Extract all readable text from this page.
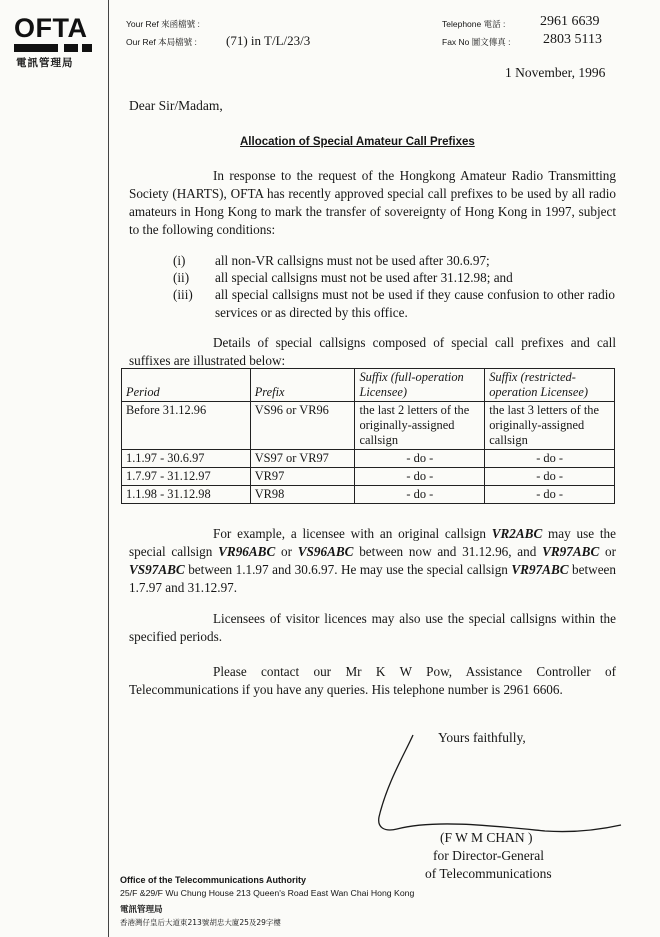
OFTA
電訊管理局
Your Ref 來函檔號 :
Our Ref 本局檔號 : (71) in T/L/23/3
Telephone 電話 : 2961 6639
Fax No 圖文傳真 : 2803 5113
1 November, 1996
Dear Sir/Madam,
Allocation of Special Amateur Call Prefixes
In response to the request of the Hongkong Amateur Radio Transmitting Society (HARTS), OFTA has recently approved special call prefixes to be used by all radio amateurs in Hong Kong to mark the transfer of sovereignty of Hong Kong in 1997, subject to the following conditions:
(i) all non-VR callsigns must not be used after 30.6.97;
(ii) all special callsigns must not be used after 31.12.98; and
(iii) all special callsigns must not be used if they cause confusion to other radio services or as directed by this office.
Details of special callsigns composed of special call prefixes and call suffixes are illustrated below:
Period	Prefix	Suffix (full-operation Licensee)	Suffix (restricted-operation Licensee)
Before 31.12.96	VS96 or VR96	the last 2 letters of the originally-assigned callsign	the last 3 letters of the originally-assigned callsign
1.1.97 - 30.6.97	VS97 or VR97	- do -	- do -
1.7.97 - 31.12.97	VR97	- do -	- do -
1.1.98 - 31.12.98	VR98	- do -	- do -
For example, a licensee with an original callsign VR2ABC may use the special callsign VR96ABC or VS96ABC between now and 31.12.96, and VR97ABC or VS97ABC between 1.1.97 and 30.6.97. He may use the special callsign VR97ABC between 1.7.97 and 31.12.97.
Licensees of visitor licences may also use the special callsigns within the specified periods.
Please contact our Mr K W Pow, Assistance Controller of Telecommunications if you have any queries. His telephone number is 2961 6606.
Yours faithfully,
(F W M CHAN )
for Director-General
of Telecommunications
Office of the Telecommunications Authority
25/F &29/F Wu Chung House 213 Queen's Road East Wan Chai Hong Kong
電訊管理局
香港灣仔皇后大道東213號胡忠大廈25及29字樓
